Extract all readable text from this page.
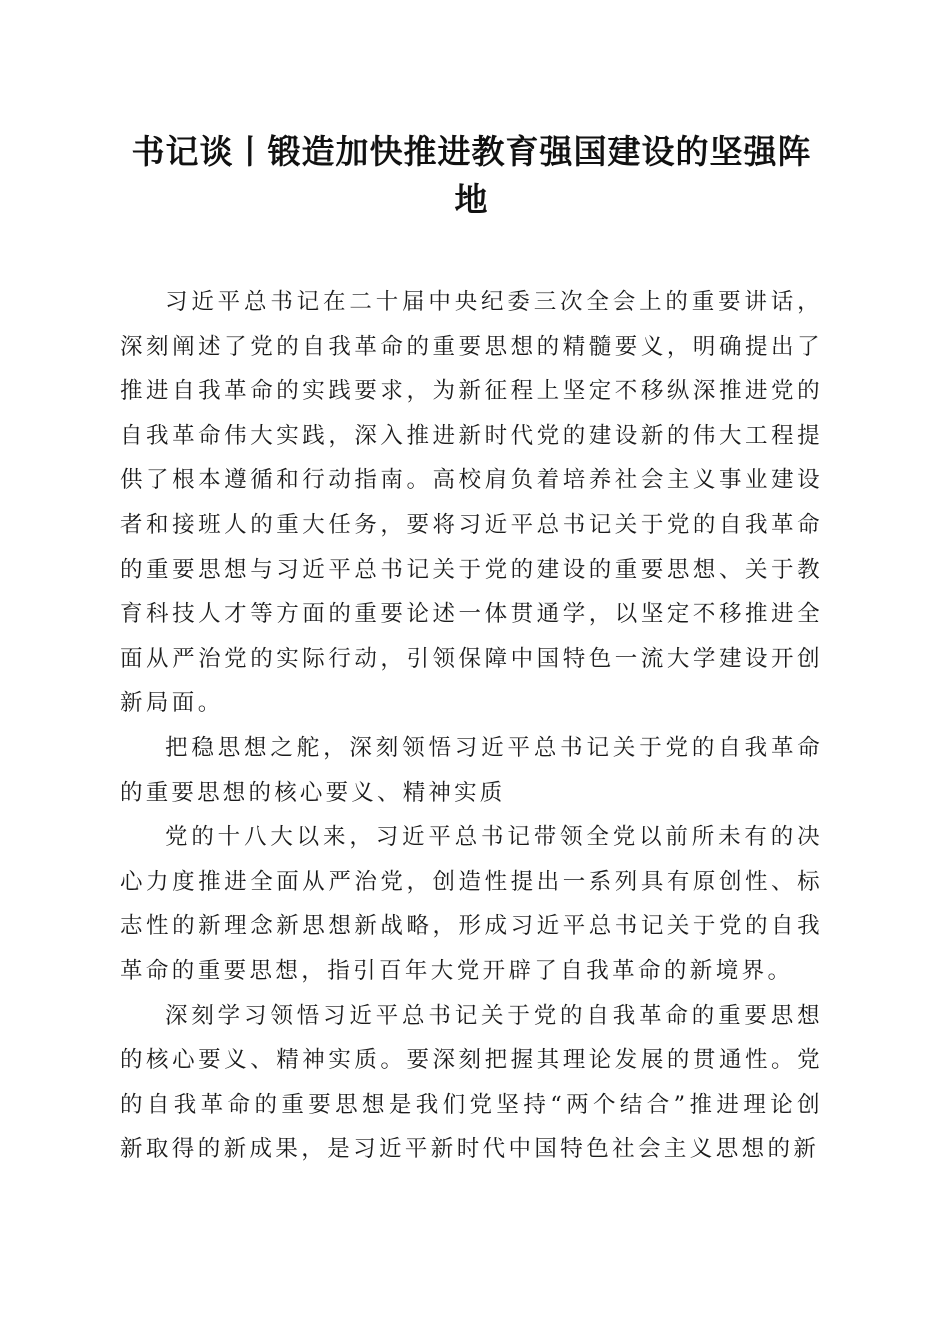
书记谈丨锻造加快推进教育强国建设的坚强阵地

习近平总书记在二十届中央纪委三次全会上的重要讲话，深刻阐述了党的自我革命的重要思想的精髓要义，明确提出了推进自我革命的实践要求，为新征程上坚定不移纵深推进党的自我革命伟大实践，深入推进新时代党的建设新的伟大工程提供了根本遵循和行动指南。高校肩负着培养社会主义事业建设者和接班人的重大任务，要将习近平总书记关于党的自我革命的重要思想与习近平总书记关于党的建设的重要思想、关于教育科技人才等方面的重要论述一体贯通学，以坚定不移推进全面从严治党的实际行动，引领保障中国特色一流大学建设开创新局面。

把稳思想之舵，深刻领悟习近平总书记关于党的自我革命的重要思想的核心要义、精神实质

党的十八大以来，习近平总书记带领全党以前所未有的决心力度推进全面从严治党，创造性提出一系列具有原创性、标志性的新理念新思想新战略，形成习近平总书记关于党的自我革命的重要思想，指引百年大党开辟了自我革命的新境界。

深刻学习领悟习近平总书记关于党的自我革命的重要思想的核心要义、精神实质。要深刻把握其理论发展的贯通性。党的自我革命的重要思想是我们党坚持“两个结合”推进理论创新取得的新成果，是习近平新时代中国特色社会主义思想的新
